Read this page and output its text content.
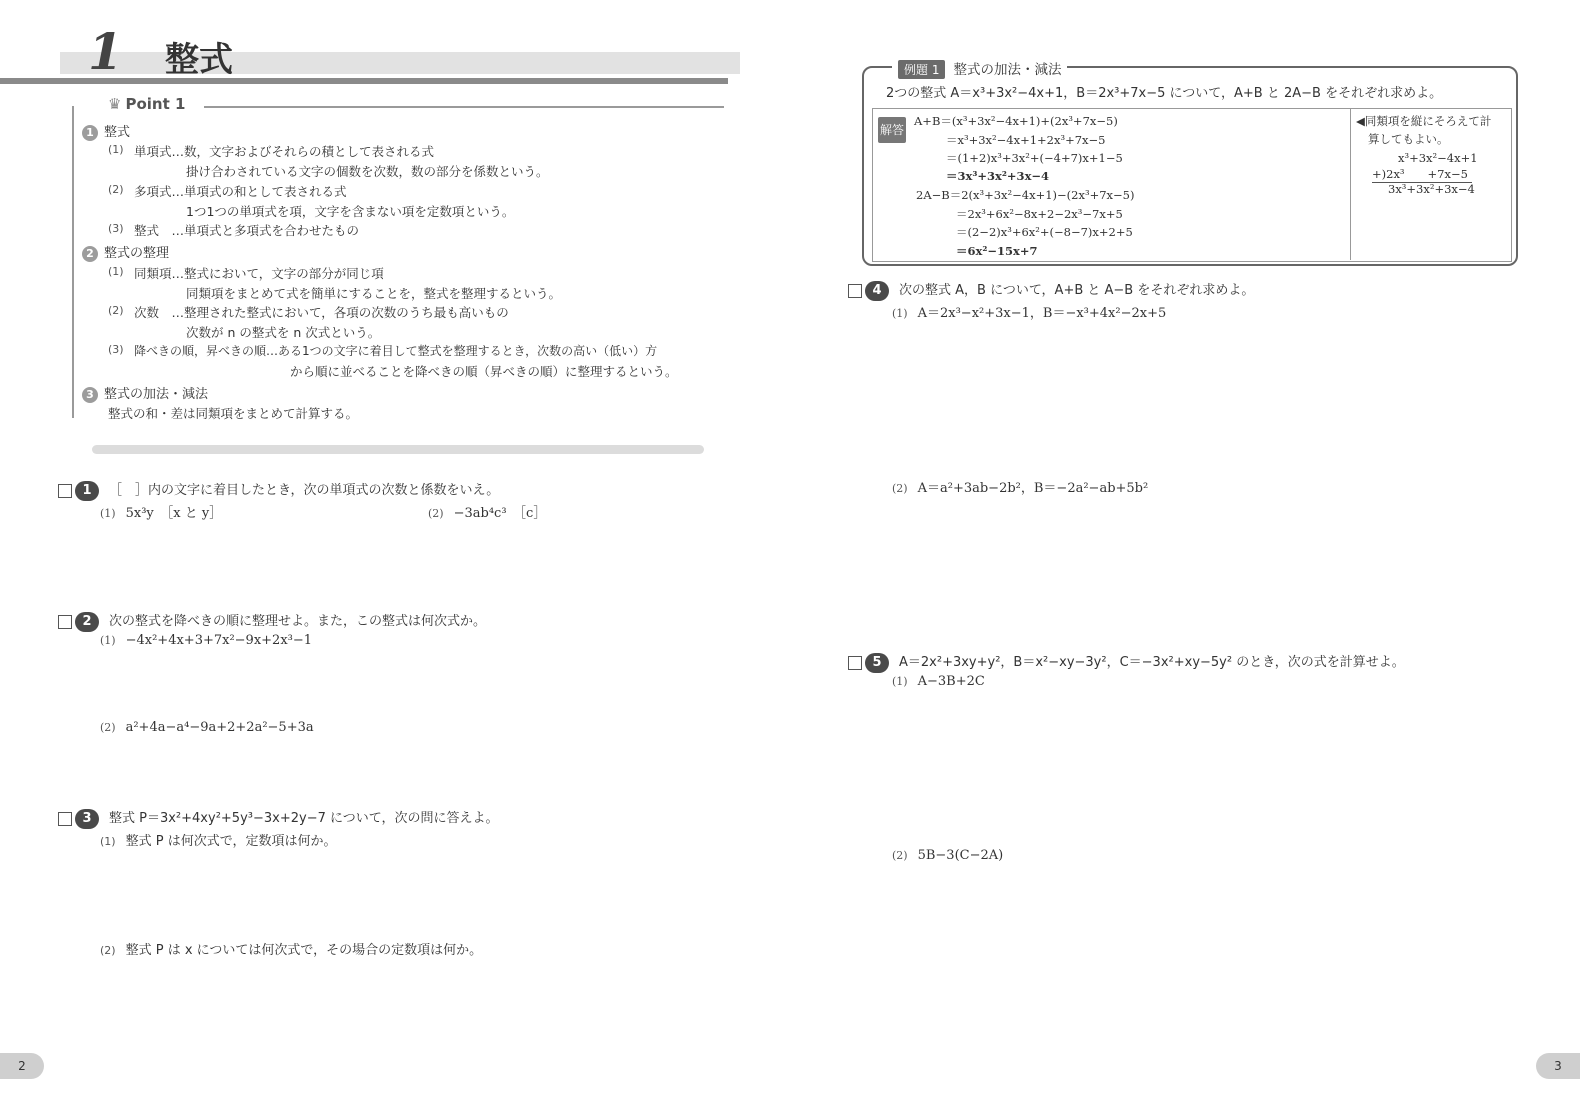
1 整式
♛ Point 1
1 整式
(1) 単項式…数，文字およびそれらの積として表される式
掛け合わされている文字の個数を次数，数の部分を係数という。
(2) 多項式…単項式の和として表される式
1つ1つの単項式を項，文字を含まない項を定数項という。
(3) 整式　…単項式と多項式を合わせたもの
2 整式の整理
(1) 同類項…整式において，文字の部分が同じ項
同類項をまとめて式を簡単にすることを，整式を整理するという。
(2) 次数　…整理された整式において，各項の次数のうち最も高いもの
次数が n の整式を n 次式という。
(3) 降べきの順，昇べきの順…ある1つの文字に着目して整式を整理するとき，次数の高い（低い）方
から順に並べることを降べきの順（昇べきの順）に整理するという。
3 整式の加法・減法
整式の和・差は同類項をまとめて計算する。
1 ［　］内の文字に着目したとき，次の単項式の次数と係数をいえ。
(1) 5x³y　［x と y］	(2) −3ab⁴c³　［c］
2 次の整式を降べきの順に整理せよ。また，この整式は何次式か。
(1) −4x²+4x+3+7x²−9x+2x³−1
(2) a²+4a−a⁴−9a+2+2a²−5+3a
3 整式 P＝3x²+4xy²+5y³−3x+2y−7 について，次の問に答えよ。
(1) 整式 P は何次式で，定数項は何か。
(2) 整式 P は x については何次式で，その場合の定数項は何か。
例題 1 整式の加法・減法
2つの整式 A＝x³+3x²−4x+1，B＝2x³+7x−5 について，A+B と 2A−B をそれぞれ求めよ。
解答
A+B＝(x³+3x²−4x+1)+(2x³+7x−5)
＝x³+3x²−4x+1+2x³+7x−5
＝(1+2)x³+3x²+(−4+7)x+1−5
＝3x³+3x²+3x−4
2A−B＝2(x³+3x²−4x+1)−(2x³+7x−5)
＝2x³+6x²−8x+2−2x³−7x+5
＝(2−2)x³+6x²+(−8−7)x+2+5
＝6x²−15x+7
◀同類項を縦にそろえて計
算してもよい。
x³+3x²−4x+1
+)2x³　　+7x−5
3x³+3x²+3x−4
4 次の整式 A，B について，A+B と A−B をそれぞれ求めよ。
(1) A＝2x³−x²+3x−1，B＝−x³+4x²−2x+5
(2) A＝a²+3ab−2b²，B＝−2a²−ab+5b²
5 A＝2x²+3xy+y²，B＝x²−xy−3y²，C＝−3x²+xy−5y² のとき，次の式を計算せよ。
(1) A−3B+2C
(2) 5B−3(C−2A)
2	3
